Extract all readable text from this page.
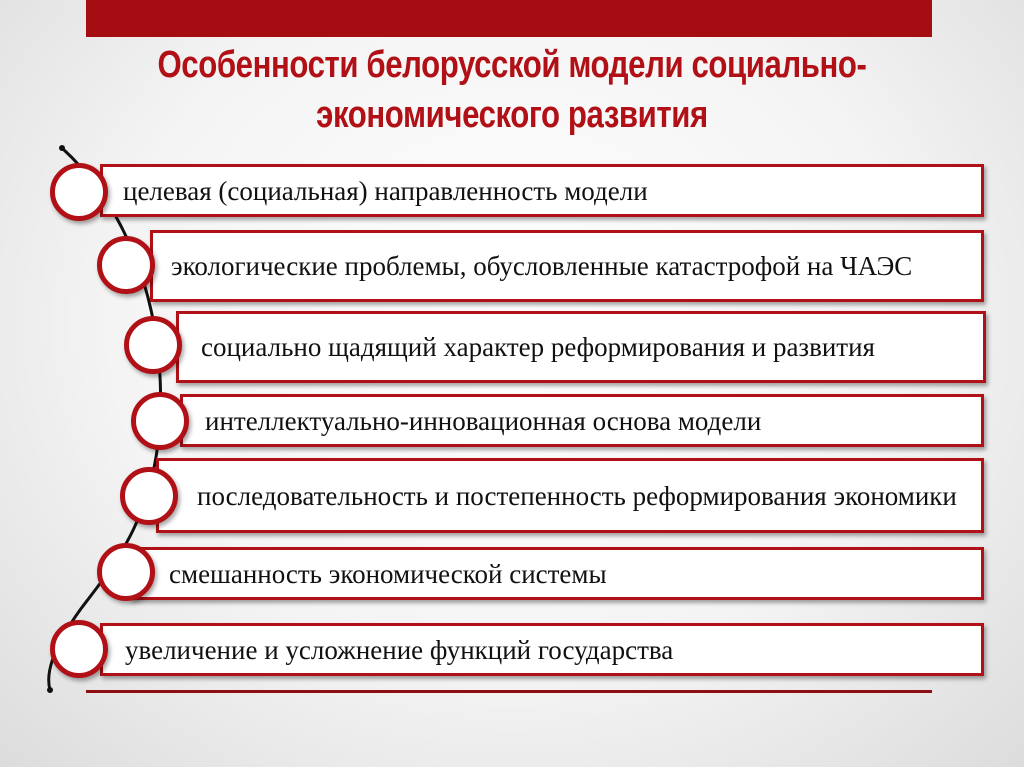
Особенности белорусской модели социально-
экономического развития
целевая (социальная) направленность модели
экологические проблемы, обусловленные катастрофой на ЧАЭС
социально щадящий характер реформирования и развития
интеллектуально-инновационная основа модели
последовательность и постепенность реформирования экономики
смешанность экономической системы
увеличение и усложнение функций государства
